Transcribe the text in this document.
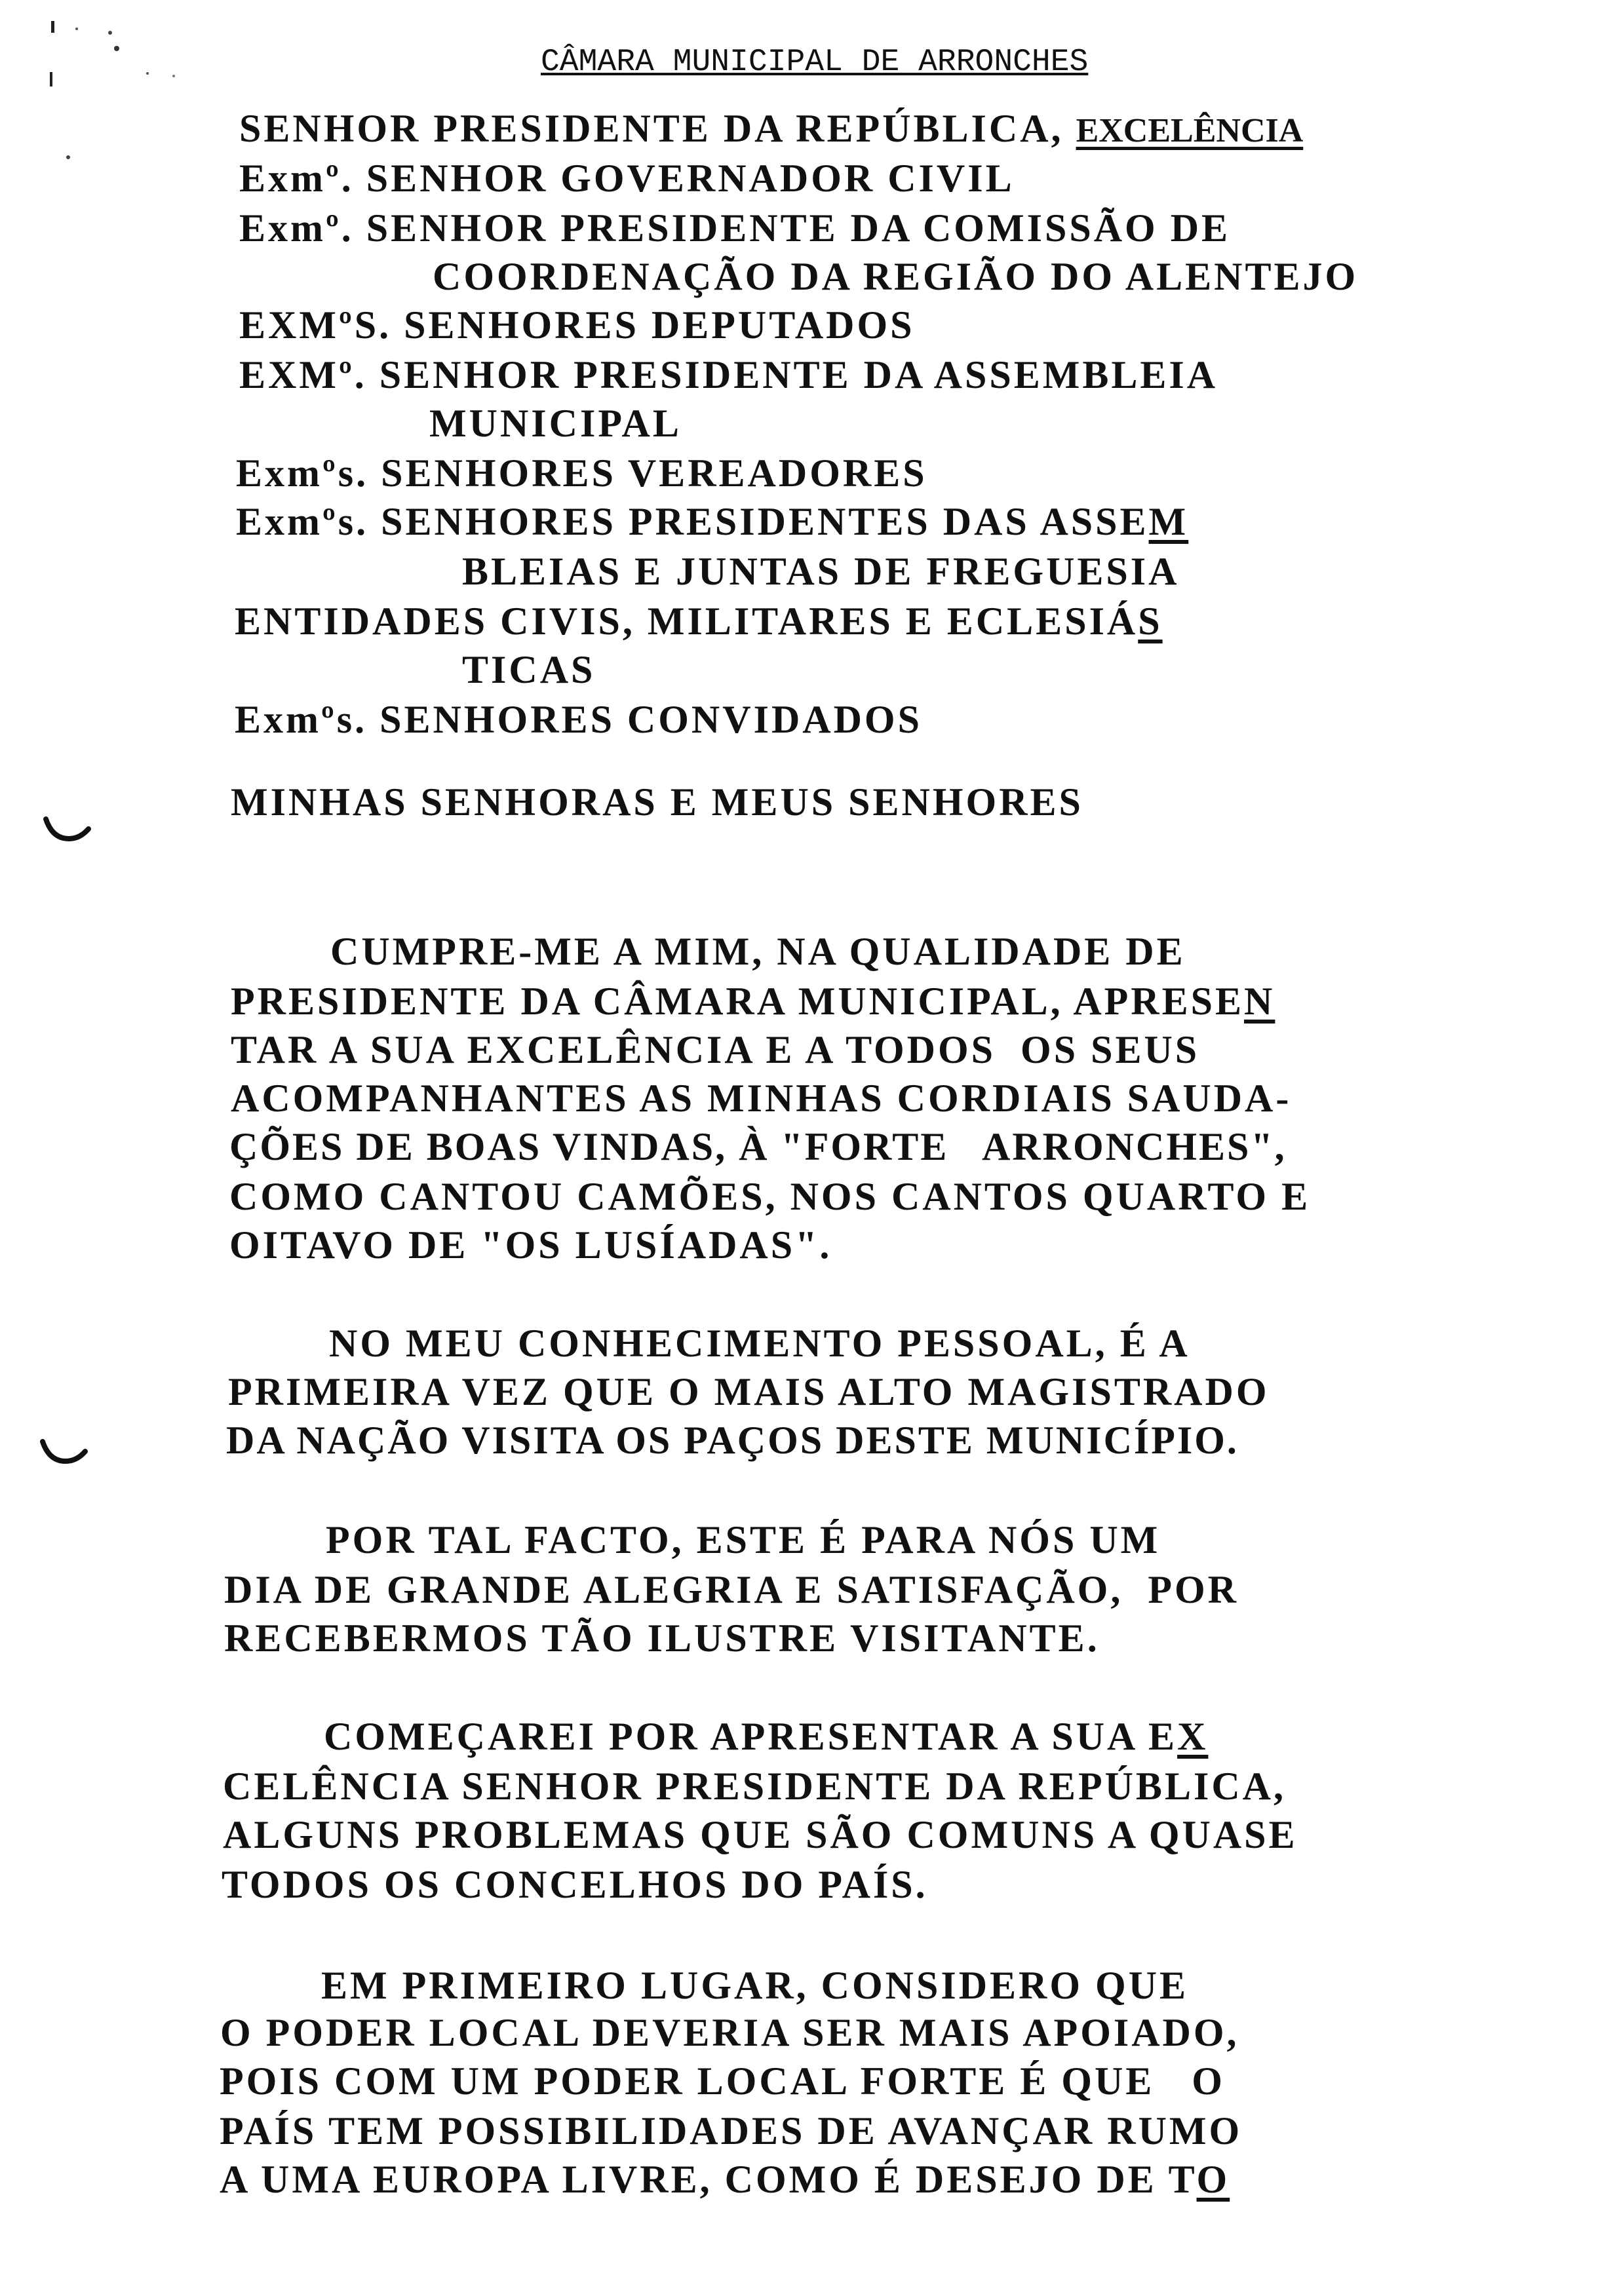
CÂMARA MUNICIPAL DE ARRONCHES
SENHOR PRESIDENTE DA REPÚBLICA, EXCELÊNCIA
Exmº. SENHOR GOVERNADOR CIVIL
Exmº. SENHOR PRESIDENTE DA COMISSÃO DE
COORDENAÇÃO DA REGIÃO DO ALENTEJO
EXMºS. SENHORES DEPUTADOS
EXMº. SENHOR PRESIDENTE DA ASSEMBLEIA
MUNICIPAL
Exmºs. SENHORES VEREADORES
Exmºs. SENHORES PRESIDENTES DAS ASSEM
BLEIAS E JUNTAS DE FREGUESIA
ENTIDADES CIVIS, MILITARES E ECLESIÁS
TICAS
Exmºs. SENHORES CONVIDADOS
MINHAS SENHORAS E MEUS SENHORES
CUMPRE-ME A MIM, NA QUALIDADE DE
PRESIDENTE DA CÂMARA MUNICIPAL, APRESEN
TAR A SUA EXCELÊNCIA E A TODOS  OS SEUS
ACOMPANHANTES AS MINHAS CORDIAIS SAUDA-
ÇÕES DE BOAS VINDAS, À "FORTE   ARRONCHES",
COMO CANTOU CAMÕES, NOS CANTOS QUARTO E
OITAVO DE "OS LUSÍADAS".
NO MEU CONHECIMENTO PESSOAL, É A
PRIMEIRA VEZ QUE O MAIS ALTO MAGISTRADO
DA NAÇÃO VISITA OS PAÇOS DESTE MUNICÍPIO.
POR TAL FACTO, ESTE É PARA NÓS UM
DIA DE GRANDE ALEGRIA E SATISFAÇÃO,  POR
RECEBERMOS TÃO ILUSTRE VISITANTE.
COMEÇAREI POR APRESENTAR A SUA EX
CELÊNCIA SENHOR PRESIDENTE DA REPÚBLICA,
ALGUNS PROBLEMAS QUE SÃO COMUNS A QUASE
TODOS OS CONCELHOS DO PAÍS.
EM PRIMEIRO LUGAR, CONSIDERO QUE
O PODER LOCAL DEVERIA SER MAIS APOIADO,
POIS COM UM PODER LOCAL FORTE É QUE   O
PAÍS TEM POSSIBILIDADES DE AVANÇAR RUMO
A UMA EUROPA LIVRE, COMO É DESEJO DE TO
